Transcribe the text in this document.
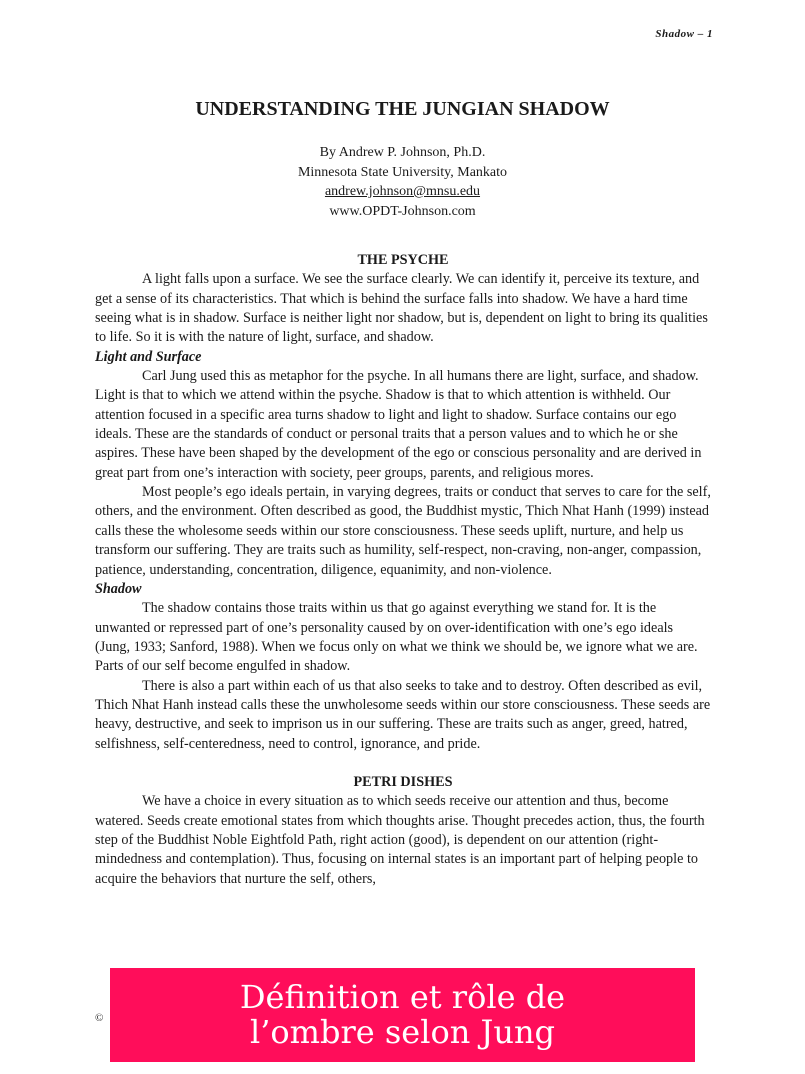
Shadow – 1
UNDERSTANDING THE JUNGIAN SHADOW
By Andrew P. Johnson, Ph.D.
Minnesota State University, Mankato
andrew.johnson@mnsu.edu
www.OPDT-Johnson.com

THE PSYCHE

A light falls upon a surface. We see the surface clearly. We can identify it, perceive its texture, and get a sense of its characteristics. That which is behind the surface falls into shadow. We have a hard time seeing what is in shadow. Surface is neither light nor shadow, but is, dependent on light to bring its qualities to life. So it is with the nature of light, surface, and shadow.

Light and Surface

Carl Jung used this as metaphor for the psyche. In all humans there are light, surface, and shadow. Light is that to which we attend within the psyche. Shadow is that to which attention is withheld. Our attention focused in a specific area turns shadow to light and light to shadow. Surface contains our ego ideals. These are the standards of conduct or personal traits that a person values and to which he or she aspires. These have been shaped by the development of the ego or conscious personality and are derived in great part from one’s interaction with society, peer groups, parents, and religious mores.

Most people’s ego ideals pertain, in varying degrees, traits or conduct that serves to care for the self, others, and the environment. Often described as good, the Buddhist mystic, Thich Nhat Hanh (1999) instead calls these the wholesome seeds within our store consciousness. These seeds uplift, nurture, and help us transform our suffering. They are traits such as humility, self-respect, non-craving, non-anger, compassion, patience, understanding, concentration, diligence, equanimity, and non-violence.

Shadow

The shadow contains those traits within us that go against everything we stand for. It is the unwanted or repressed part of one’s personality caused by on over-identification with one’s ego ideals (Jung, 1933; Sanford, 1988). When we focus only on what we think we should be, we ignore what we are. Parts of our self become engulfed in shadow.

There is also a part within each of us that also seeks to take and to destroy. Often described as evil, Thich Nhat Hanh instead calls these the unwholesome seeds within our store consciousness. These seeds are heavy, destructive, and seek to imprison us in our suffering. These are traits such as anger, greed, hatred, selfishness, self-centeredness, need to control, ignorance, and pride.

PETRI DISHES

We have a choice in every situation as to which seeds receive our attention and thus, become watered. Seeds create emotional states from which thoughts arise. Thought precedes action, thus, the fourth step of the Buddhist Noble Eightfold Path, right action (good), is dependent on our attention (right-mindedness and contemplation). Thus, focusing on internal states is an important part of helping people to acquire the behaviors that nurture the self, others,

©
Définition et rôle de
l’ombre selon Jung
